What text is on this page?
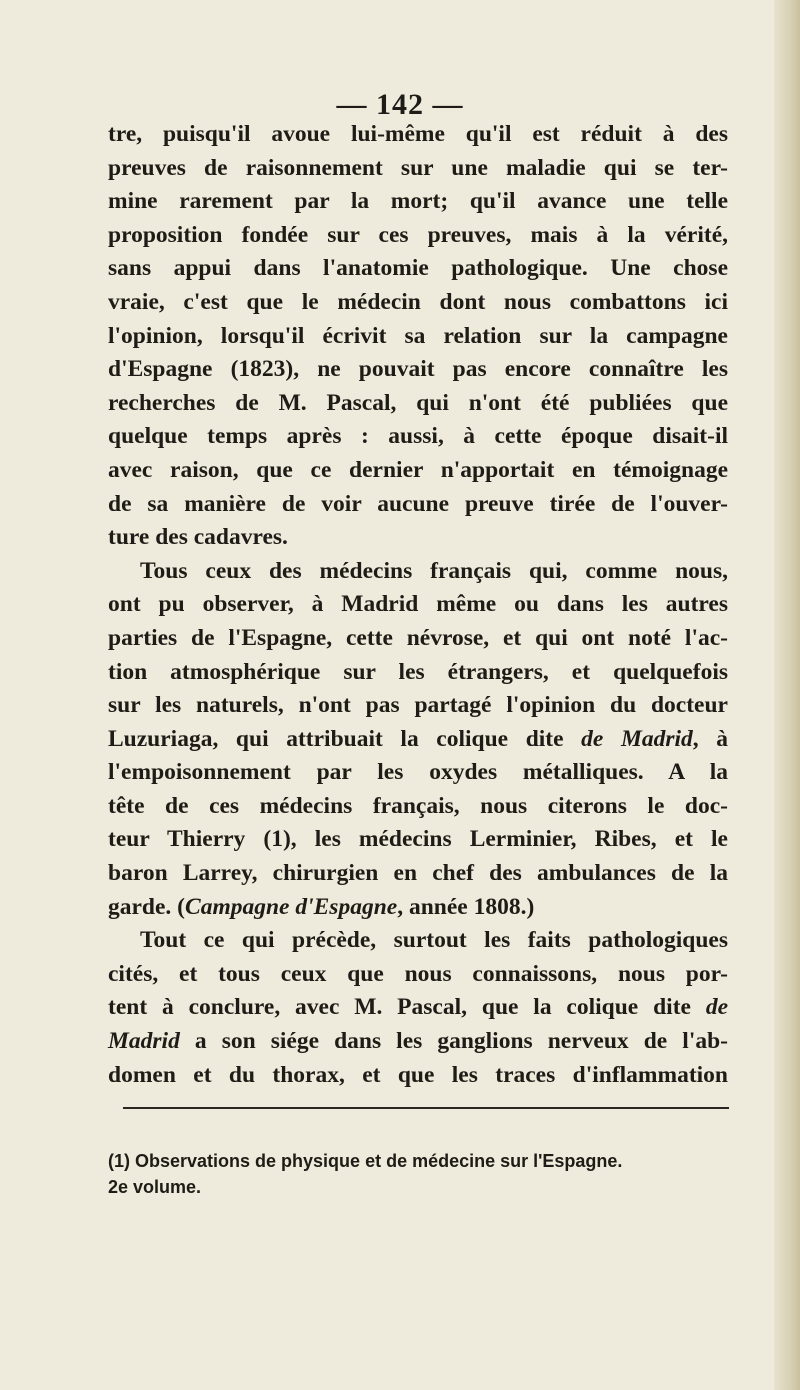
— 142 —
tre, puisqu'il avoue lui-même qu'il est réduit à des
preuves de raisonnement sur une maladie qui se ter-
mine rarement par la mort; qu'il avance une telle
proposition fondée sur ces preuves, mais à la vérité,
sans appui dans l'anatomie pathologique. Une chose
vraie, c'est que le médecin dont nous combattons ici
l'opinion, lorsqu'il écrivit sa relation sur la campagne
d'Espagne (1823), ne pouvait pas encore connaître les
recherches de M. Pascal, qui n'ont été publiées que
quelque temps après : aussi, à cette époque disait-il
avec raison, que ce dernier n'apportait en témoignage
de sa manière de voir aucune preuve tirée de l'ouver-
ture des cadavres.
Tous ceux des médecins français qui, comme nous,
ont pu observer, à Madrid même ou dans les autres
parties de l'Espagne, cette névrose, et qui ont noté l'ac-
tion atmosphérique sur les étrangers, et quelquefois
sur les naturels, n'ont pas partagé l'opinion du docteur
Luzuriaga, qui attribuait la colique dite de Madrid, à
l'empoisonnement par les oxydes métalliques. A la
tête de ces médecins français, nous citerons le doc-
teur Thierry (1), les médecins Lerminier, Ribes, et le
baron Larrey, chirurgien en chef des ambulances de la
garde. (Campagne d'Espagne, année 1808.)
Tout ce qui précède, surtout les faits pathologiques
cités, et tous ceux que nous connaissons, nous por-
tent à conclure, avec M. Pascal, que la colique dite de
Madrid a son siége dans les ganglions nerveux de l'ab-
domen et du thorax, et que les traces d'inflammation
(1) Observations de physique et de médecine sur l'Espagne.
2e volume.
